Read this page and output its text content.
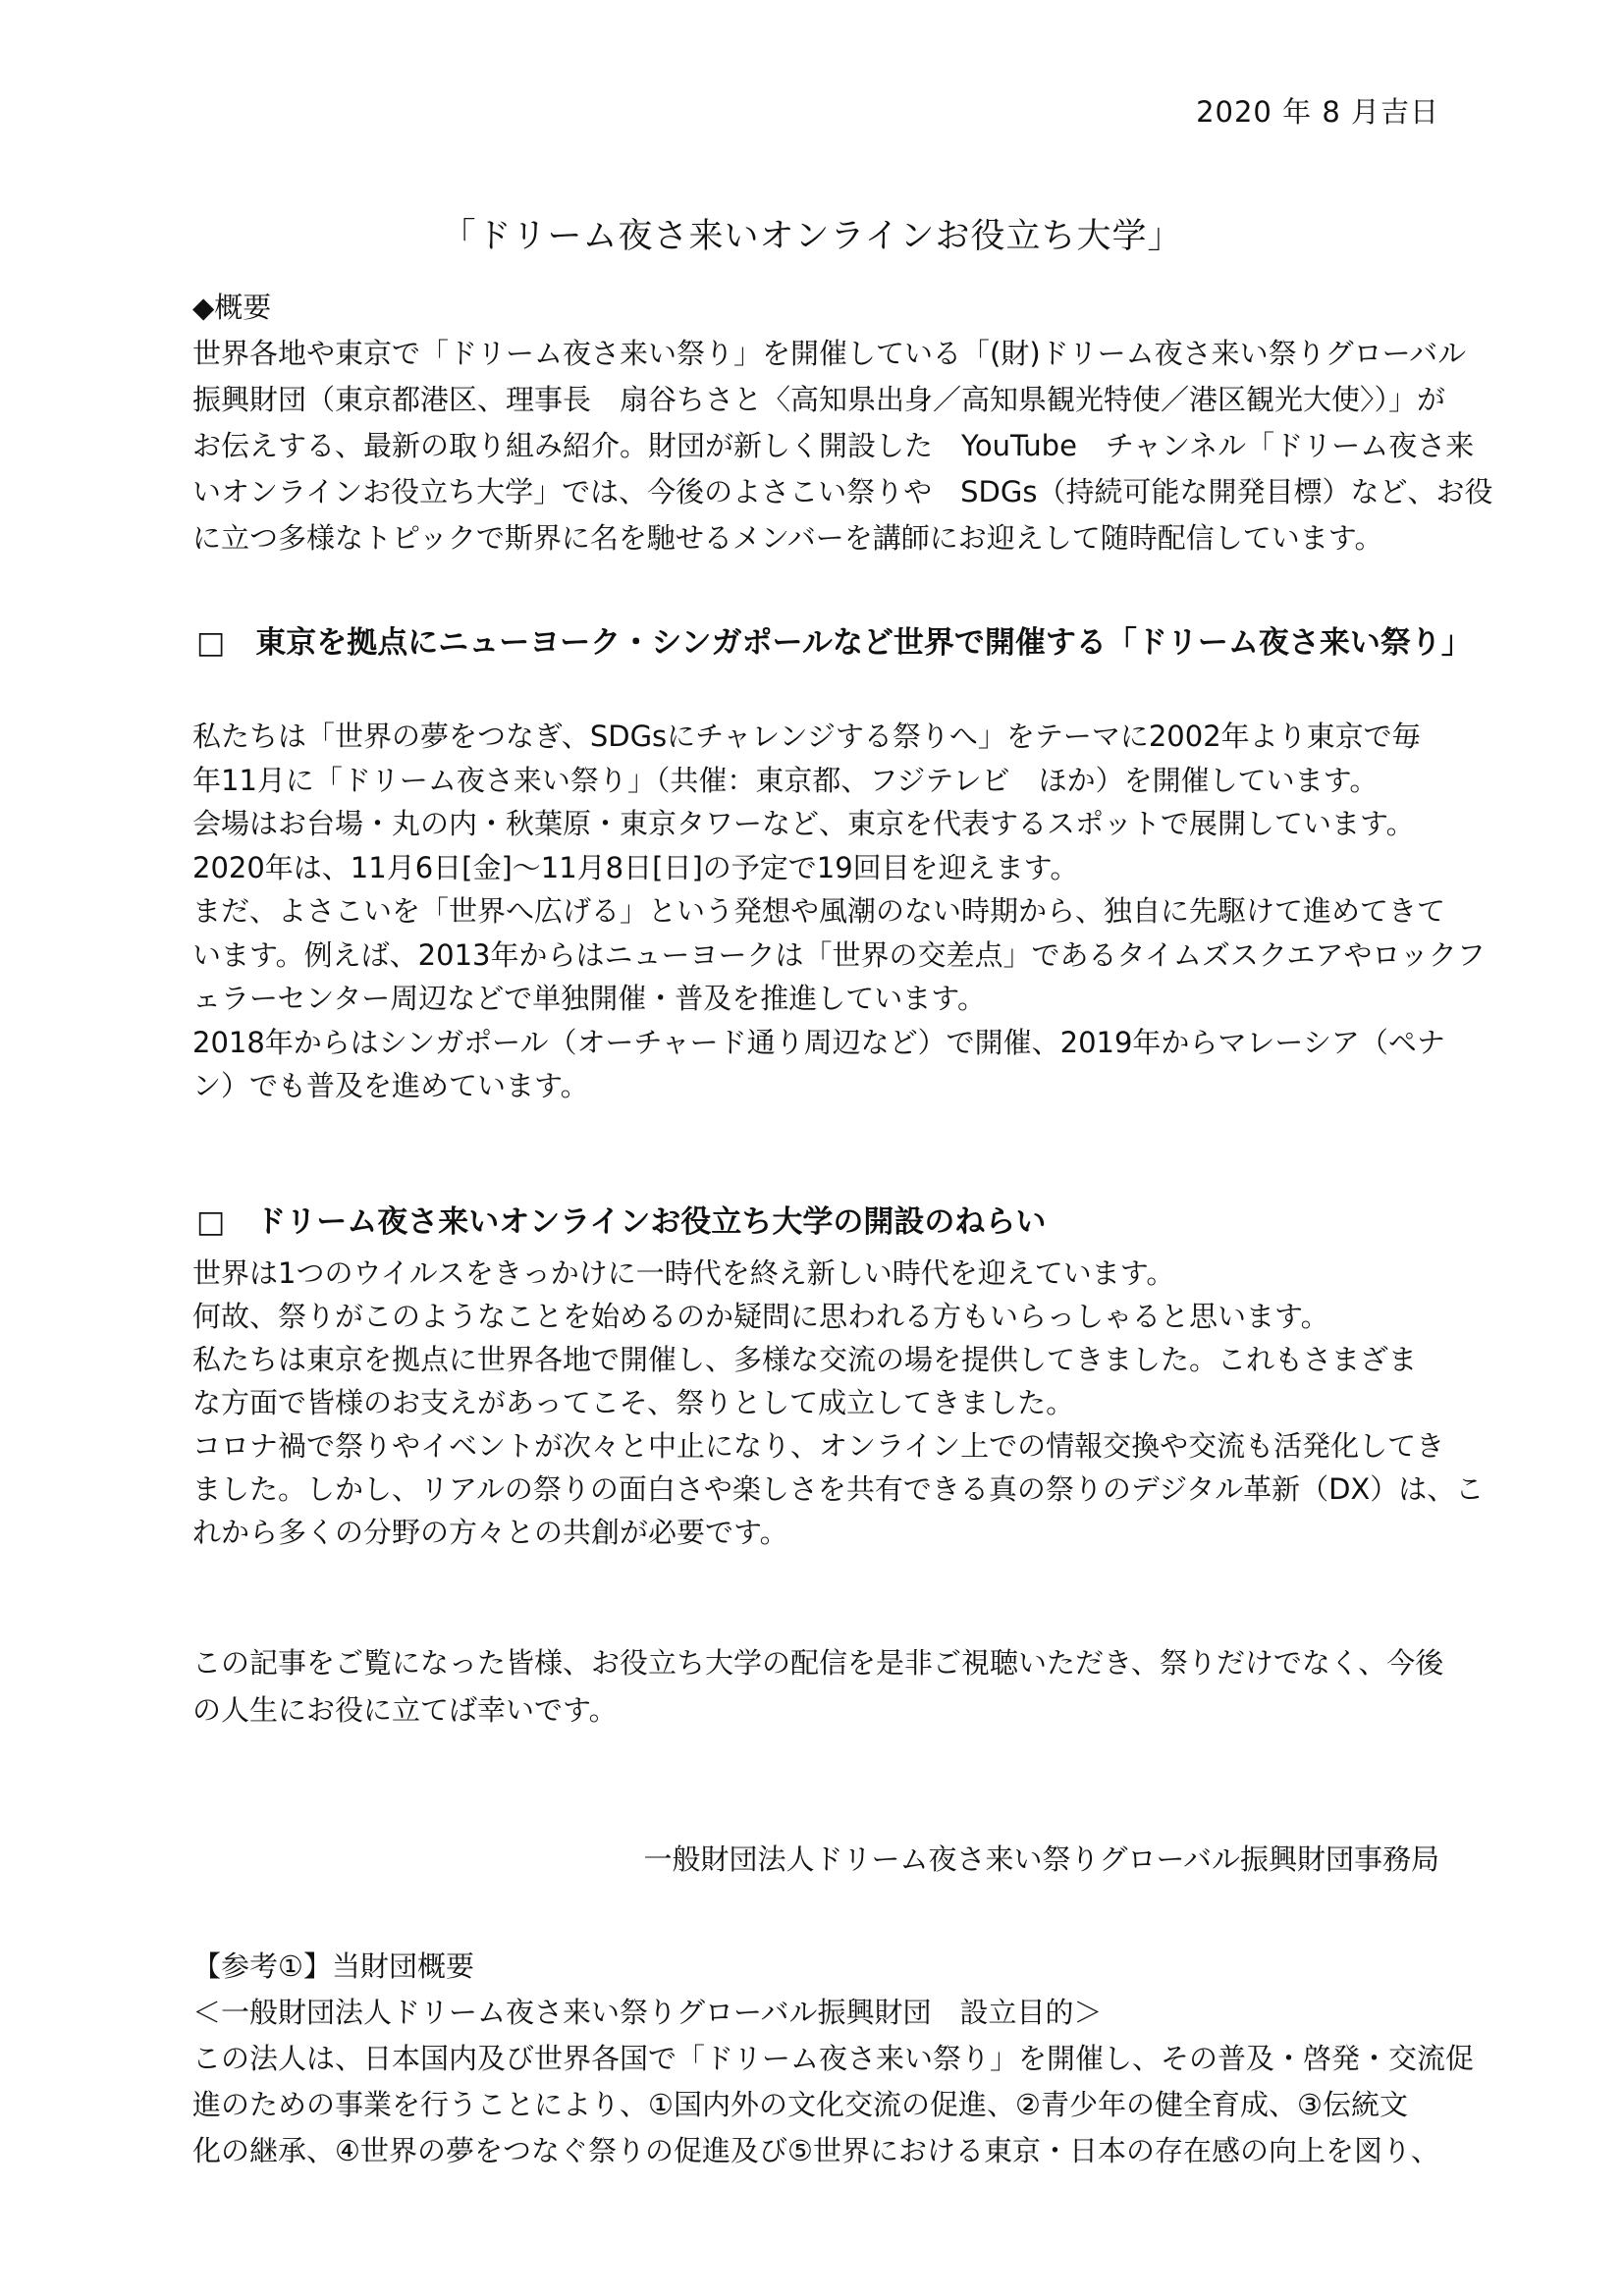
2020 年 8 月吉日
「ドリーム夜さ来いオンラインお役立ち大学」

◆概要

世界各地や東京で「ドリーム夜さ来い祭り」を開催している「(財)ドリーム夜さ来い祭りグローバル

振興財団（東京都港区、理事長　扇谷ちさと〈高知県出身／高知県観光特使／港区観光大使〉）」が

お伝えする、最新の取り組み紹介。財団が新しく開設した　YouTube　チャンネル「ドリーム夜さ来

いオンラインお役立ち大学」では、今後のよさこい祭りや　SDGs（持続可能な開発目標）など、お役

に立つ多様なトピックで斯界に名を馳せるメンバーを講師にお迎えして随時配信しています。

□　東京を拠点にニューヨーク・シンガポールなど世界で開催する「ドリーム夜さ来い祭り」

私たちは「世界の夢をつなぎ、SDGsにチャレンジする祭りへ」をテーマに2002年より東京で毎

年11月に「ドリーム夜さ来い祭り」（共催：東京都、フジテレビ　ほか）を開催しています。

会場はお台場・丸の内・秋葉原・東京タワーなど、東京を代表するスポットで展開しています。

2020年は、11月6日[金]～11月8日[日]の予定で19回目を迎えます。

まだ、よさこいを「世界へ広げる」という発想や風潮のない時期から、独自に先駆けて進めてきて

います。例えば、2013年からはニューヨークは「世界の交差点」であるタイムズスクエアやロックフ

ェラーセンター周辺などで単独開催・普及を推進しています。

2018年からはシンガポール（オーチャード通り周辺など）で開催、2019年からマレーシア（ペナ

ン）でも普及を進めています。

□　ドリーム夜さ来いオンラインお役立ち大学の開設のねらい

世界は1つのウイルスをきっかけに一時代を終え新しい時代を迎えています。

何故、祭りがこのようなことを始めるのか疑問に思われる方もいらっしゃると思います。

私たちは東京を拠点に世界各地で開催し、多様な交流の場を提供してきました。これもさまざま

な方面で皆様のお支えがあってこそ、祭りとして成立してきました。

コロナ禍で祭りやイベントが次々と中止になり、オンライン上での情報交換や交流も活発化してき

ました。しかし、リアルの祭りの面白さや楽しさを共有できる真の祭りのデジタル革新（DX）は、こ

れから多くの分野の方々との共創が必要です。

この記事をご覧になった皆様、お役立ち大学の配信を是非ご視聴いただき、祭りだけでなく、今後

の人生にお役に立てば幸いです。

一般財団法人ドリーム夜さ来い祭りグローバル振興財団事務局

【参考①】当財団概要

＜一般財団法人ドリーム夜さ来い祭りグローバル振興財団　設立目的＞

この法人は、日本国内及び世界各国で「ドリーム夜さ来い祭り」を開催し、その普及・啓発・交流促

進のための事業を行うことにより、①国内外の文化交流の促進、②青少年の健全育成、③伝統文

化の継承、④世界の夢をつなぐ祭りの促進及び⑤世界における東京・日本の存在感の向上を図り、
